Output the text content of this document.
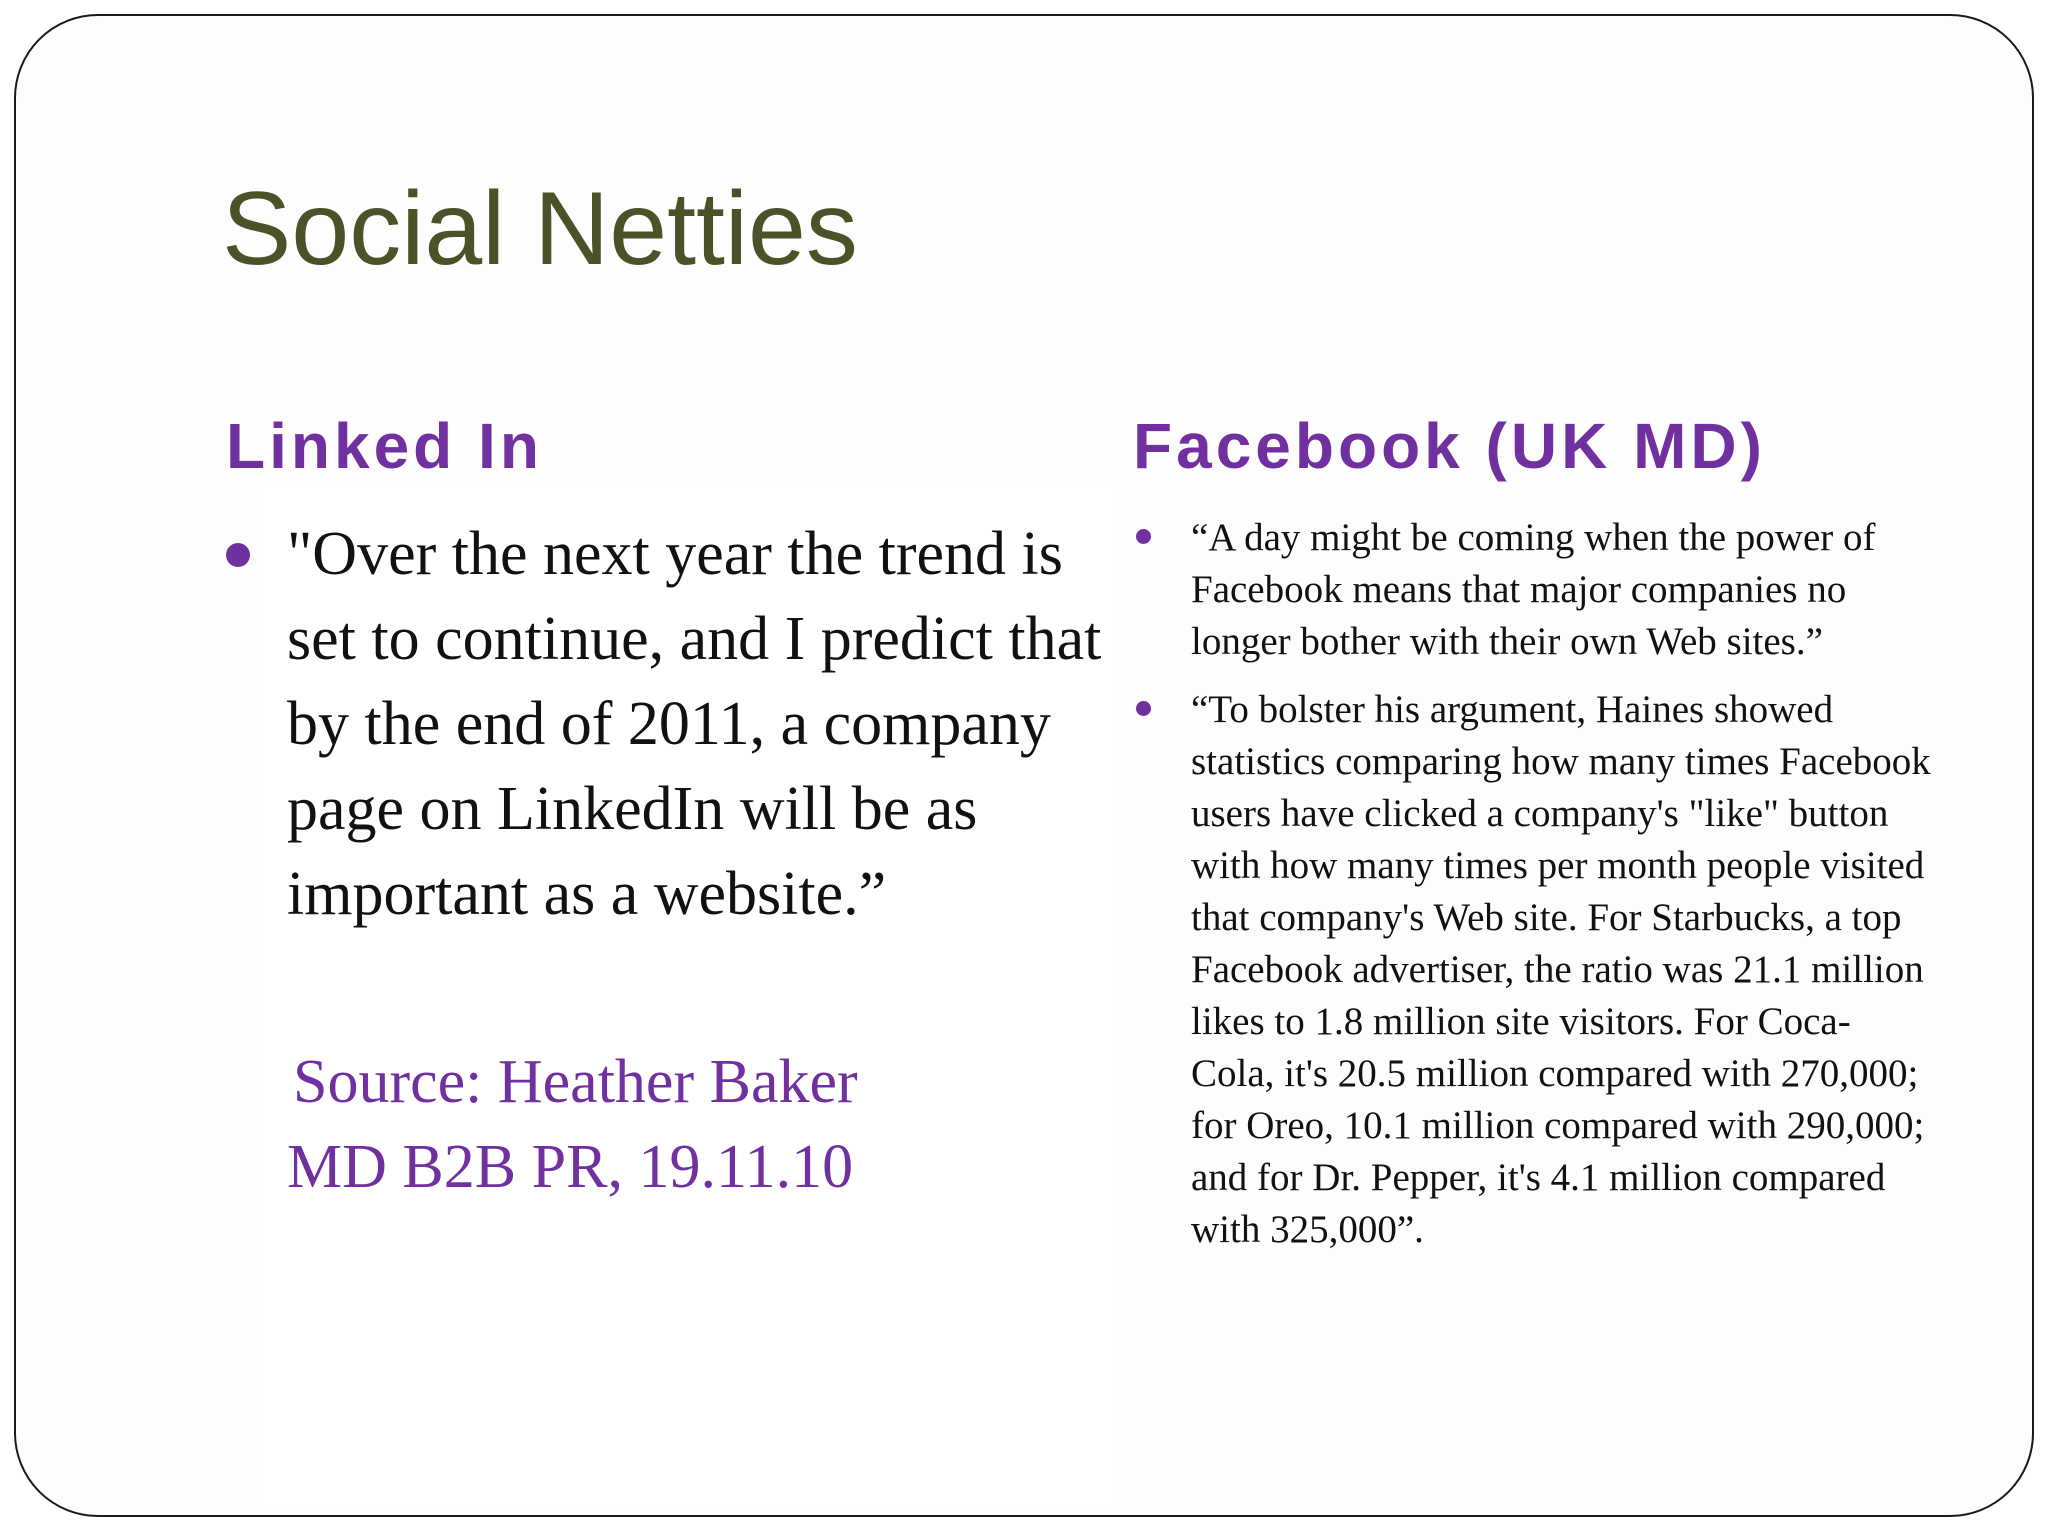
Social Netties
Linked In	Facebook (UK MD)

"Over the next year the trend is set to continue, and I predict that by the end of 2011, a company page on LinkedIn will be as important as a website.”

Source: Heather Baker
MD B2B PR, 19.11.10

“A day might be coming when the power of Facebook means that major companies no longer bother with their own Web sites.”
“To bolster his argument, Haines showed statistics comparing how many times Facebook users have clicked a company's "like" button with how many times per month people visited that company's Web site. For Starbucks, a top Facebook advertiser, the ratio was 21.1 million likes to 1.8 million site visitors. For Coca-Cola, it's 20.5 million compared with 270,000; for Oreo, 10.1 million compared with 290,000; and for Dr. Pepper, it's 4.1 million compared with 325,000”.
